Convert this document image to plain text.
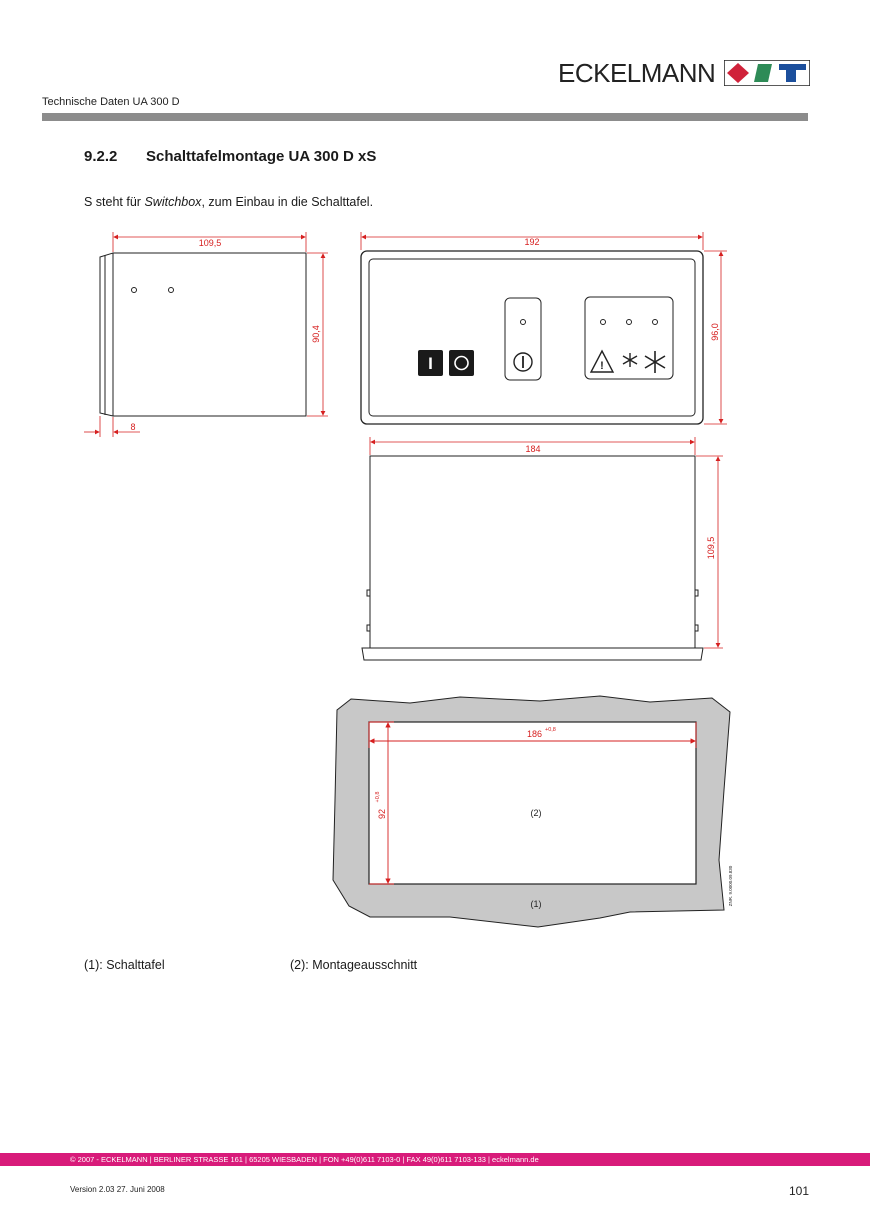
ECKELMANN
Technische Daten UA 300 D
9.2.2 Schalttafelmontage UA 300 D xS
S steht für Switchbox, zum Einbau in die Schalttafel.
109,5
90,4
8
I	!
192
96,0
184
109,5
186 +0,8
92
+0,8
(2)
(1)	ZNR. 9.0000.09.830
(1): Schalttafel	(2): Montageausschnitt
© 2007 - ECKELMANN | BERLINER STRASSE 161 | 65205 WIESBADEN | FON +49(0)611 7103-0 | FAX 49(0)611 7103-133 | eckelmann.de
Version 2.03 27. Juni 2008	101
